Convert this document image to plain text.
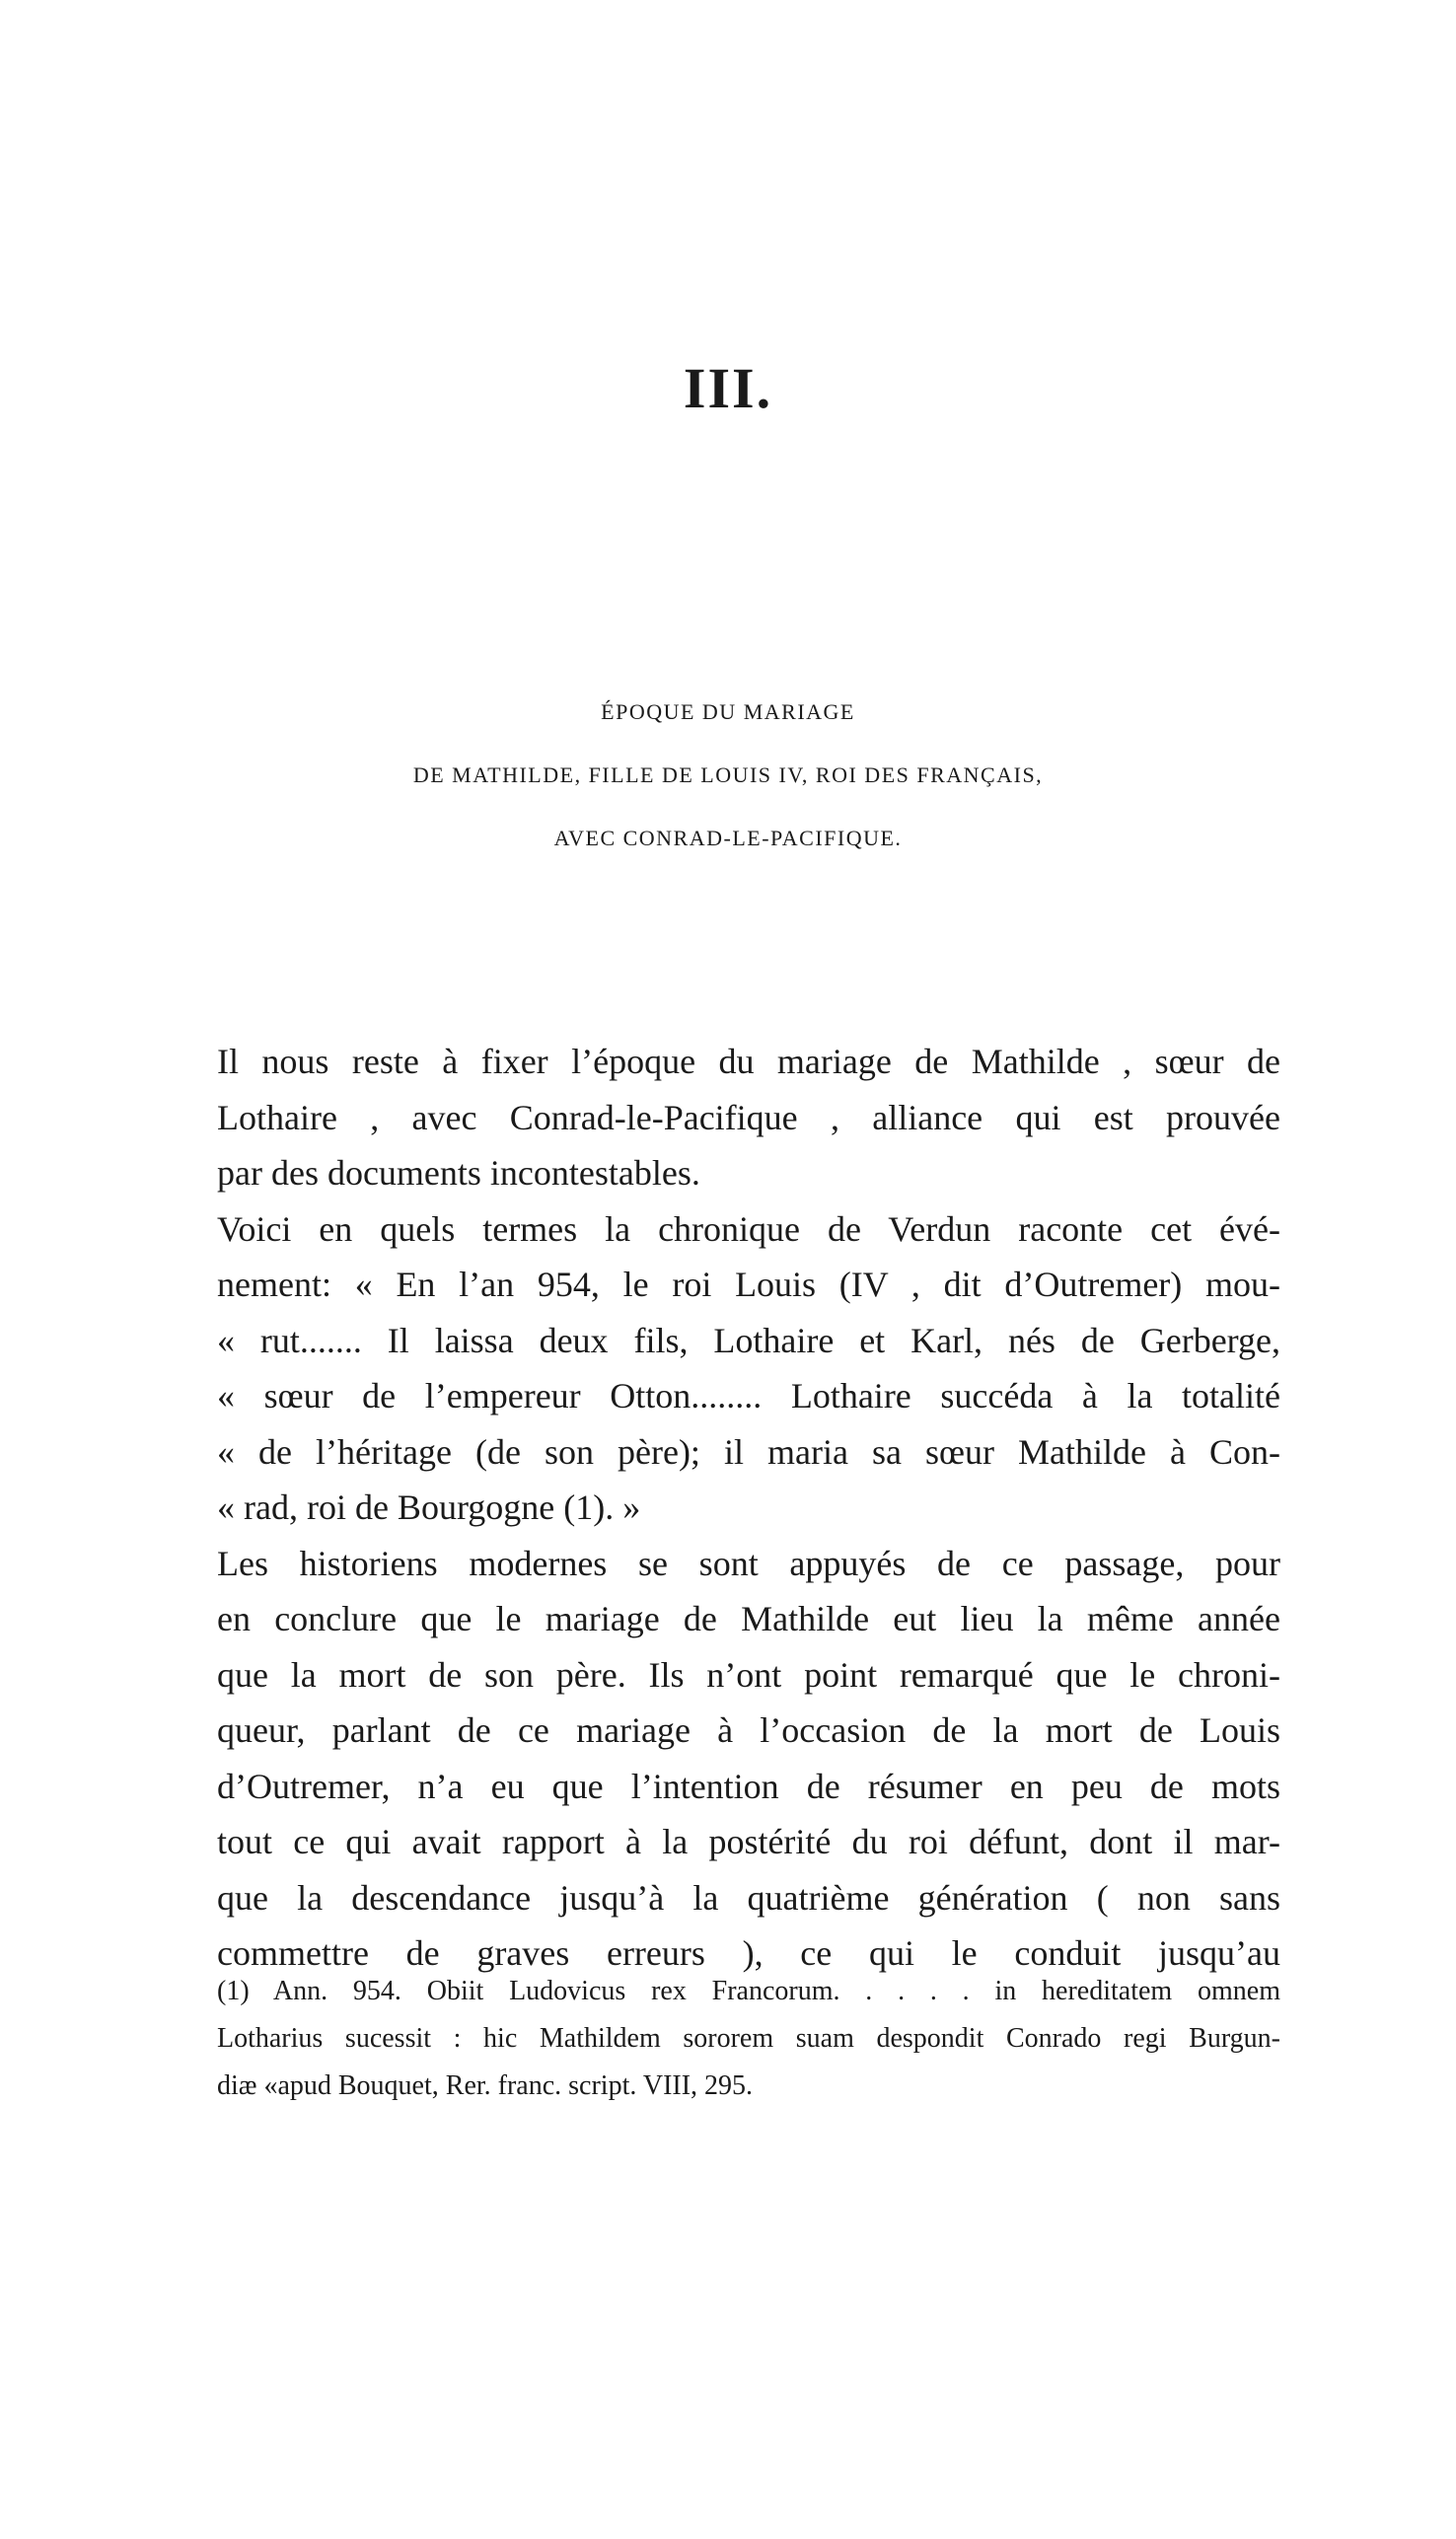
III.
ÉPOQUE DU MARIAGE
DE MATHILDE, FILLE DE LOUIS IV, ROI DES FRANÇAIS,
AVEC CONRAD-LE-PACIFIQUE.
Il nous reste à fixer l’époque du mariage de Mathilde , sœur de
Lothaire , avec Conrad-le-Pacifique , alliance qui est prouvée
par des documents incontestables.
Voici en quels termes la chronique de Verdun raconte cet évé-
nement: « En l’an 954, le roi Louis (IV , dit d’Outremer) mou-
« rut....... Il laissa deux fils, Lothaire et Karl, nés de Gerberge,
« sœur de l’empereur Otton........ Lothaire succéda à la totalité
« de l’héritage (de son père); il maria sa sœur Mathilde à Con-
« rad, roi de Bourgogne (1). »
Les historiens modernes se sont appuyés de ce passage, pour
en conclure que le mariage de Mathilde eut lieu la même année
que la mort de son père. Ils n’ont point remarqué que le chroni-
queur, parlant de ce mariage à l’occasion de la mort de Louis
d’Outremer, n’a eu que l’intention de résumer en peu de mots
tout ce qui avait rapport à la postérité du roi défunt, dont il mar-
que la descendance jusqu’à la quatrième génération ( non sans
commettre de graves erreurs ), ce qui le conduit jusqu’au
(1) Ann. 954. Obiit Ludovicus rex Francorum. . . . . in hereditatem omnem
Lotharius sucessit : hic Mathildem sororem suam despondit Conrado regi Burgun-
diæ «apud Bouquet, Rer. franc. script. VIII, 295.
